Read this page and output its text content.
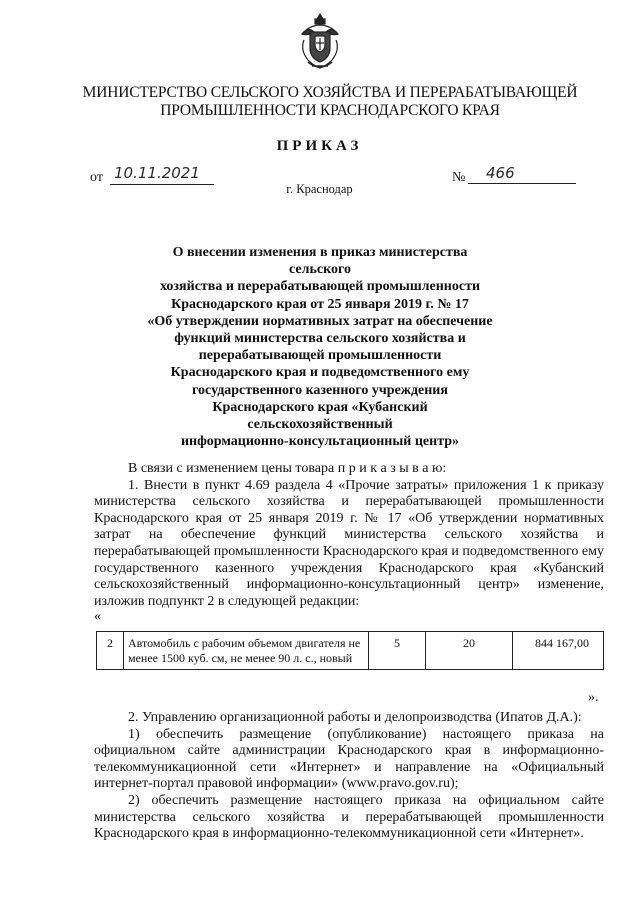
МИНИСТЕРСТВО СЕЛЬСКОГО ХОЗЯЙСТВА И ПЕРЕРАБАТЫВАЮЩЕЙ
ПРОМЫШЛЕННОСТИ КРАСНОДАРСКОГО КРАЯ
ПРИКАЗ
от 10.11.2021	№	466
г. Краснодар
О внесении изменения в приказ министерства сельского
хозяйства и перерабатывающей промышленности
Краснодарского края от 25 января 2019 г. № 17
«Об утверждении нормативных затрат на обеспечение
функций министерства сельского хозяйства и
перерабатывающей промышленности
Краснодарского края и подведомственного ему
государственного казенного учреждения
Краснодарского края «Кубанский сельскохозяйственный
информационно-консультационный центр»

В связи с изменением цены товара п р и к а з ы в а ю:

1. Внести в пункт 4.69 раздела 4 «Прочие затраты» приложения 1 к приказу министерства сельского хозяйства и перерабатывающей промышленности Краснодарского края от 25 января 2019 г. № 17 «Об утверждении нормативных затрат на обеспечение функций министерства сельского хозяйства и перерабатывающей промышленности Краснодарского края и подведомственного ему государственного казенного учреждения Краснодарского края «Кубанский сельскохозяйственный информационно-консультационный центр» изменение, изложив подпункт 2 в следующей редакции:

«
2	Автомобиль с рабочим объемом двигателя не менее 1500 куб. см, не менее 90 л. с., новый	5	20	844 167,00
».

2. Управлению организационной работы и делопроизводства (Ипатов Д.А.):

1) обеспечить размещение (опубликование) настоящего приказа на официальном сайте администрации Краснодарского края в информационно-телекоммуникационной сети «Интернет» и направление на «Официальный интернет-портал правовой информации» (www.pravo.gov.ru);

2) обеспечить размещение настоящего приказа на официальном сайте министерства сельского хозяйства и перерабатывающей промышленности Краснодарского края в информационно-телекоммуникационной сети «Интернет».
